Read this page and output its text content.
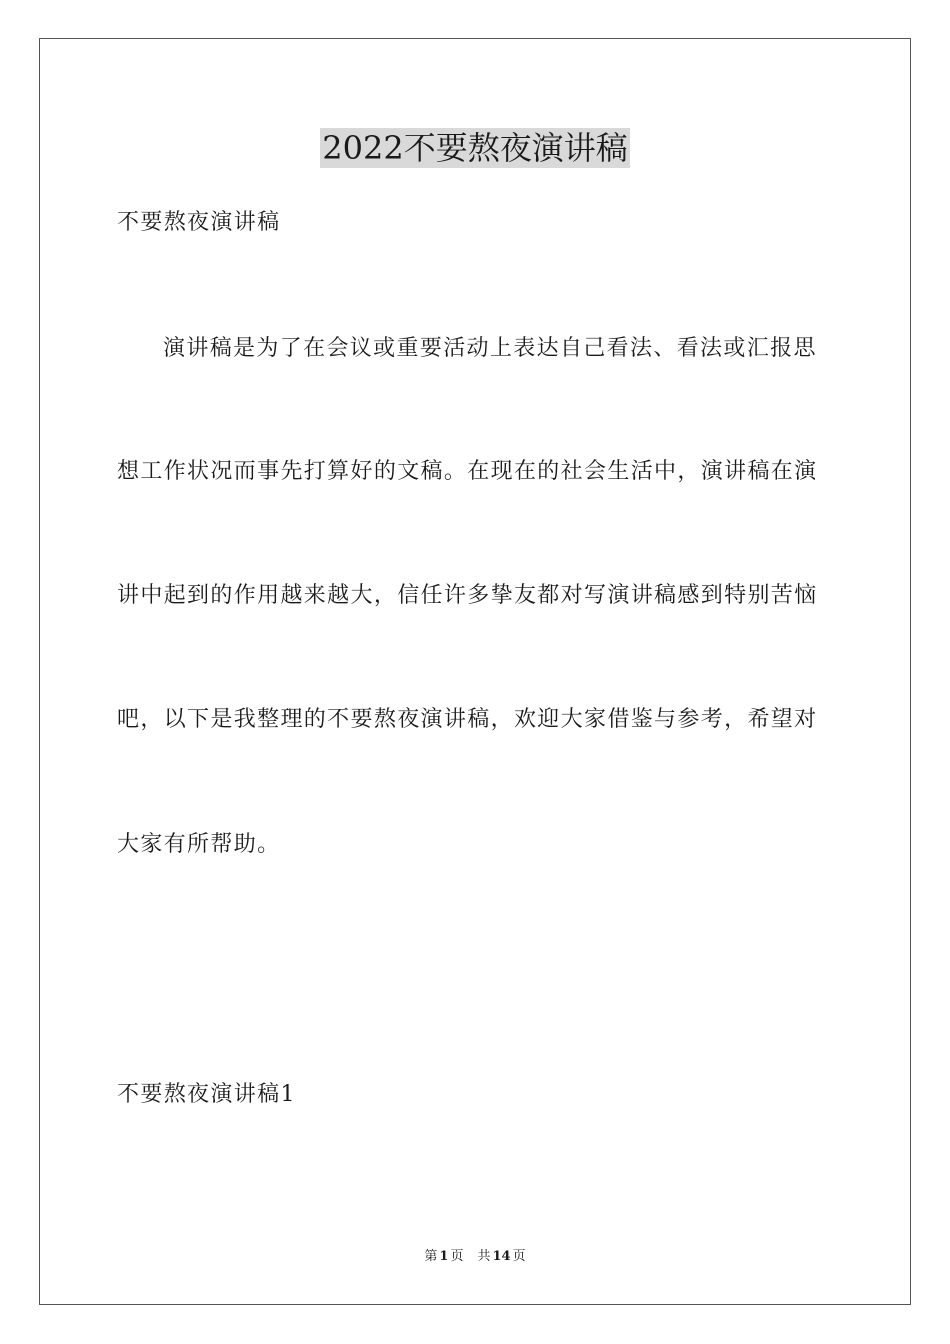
2022不要熬夜演讲稿
不要熬夜演讲稿
演讲稿是为了在会议或重要活动上表达自己看法、看法或汇报思
想工作状况而事先打算好的文稿。在现在的社会生活中，演讲稿在演
讲中起到的作用越来越大，信任许多挚友都对写演讲稿感到特别苦恼
吧，以下是我整理的不要熬夜演讲稿，欢迎大家借鉴与参考，希望对
大家有所帮助。
不要熬夜演讲稿1
第 1 页 共 14 页
